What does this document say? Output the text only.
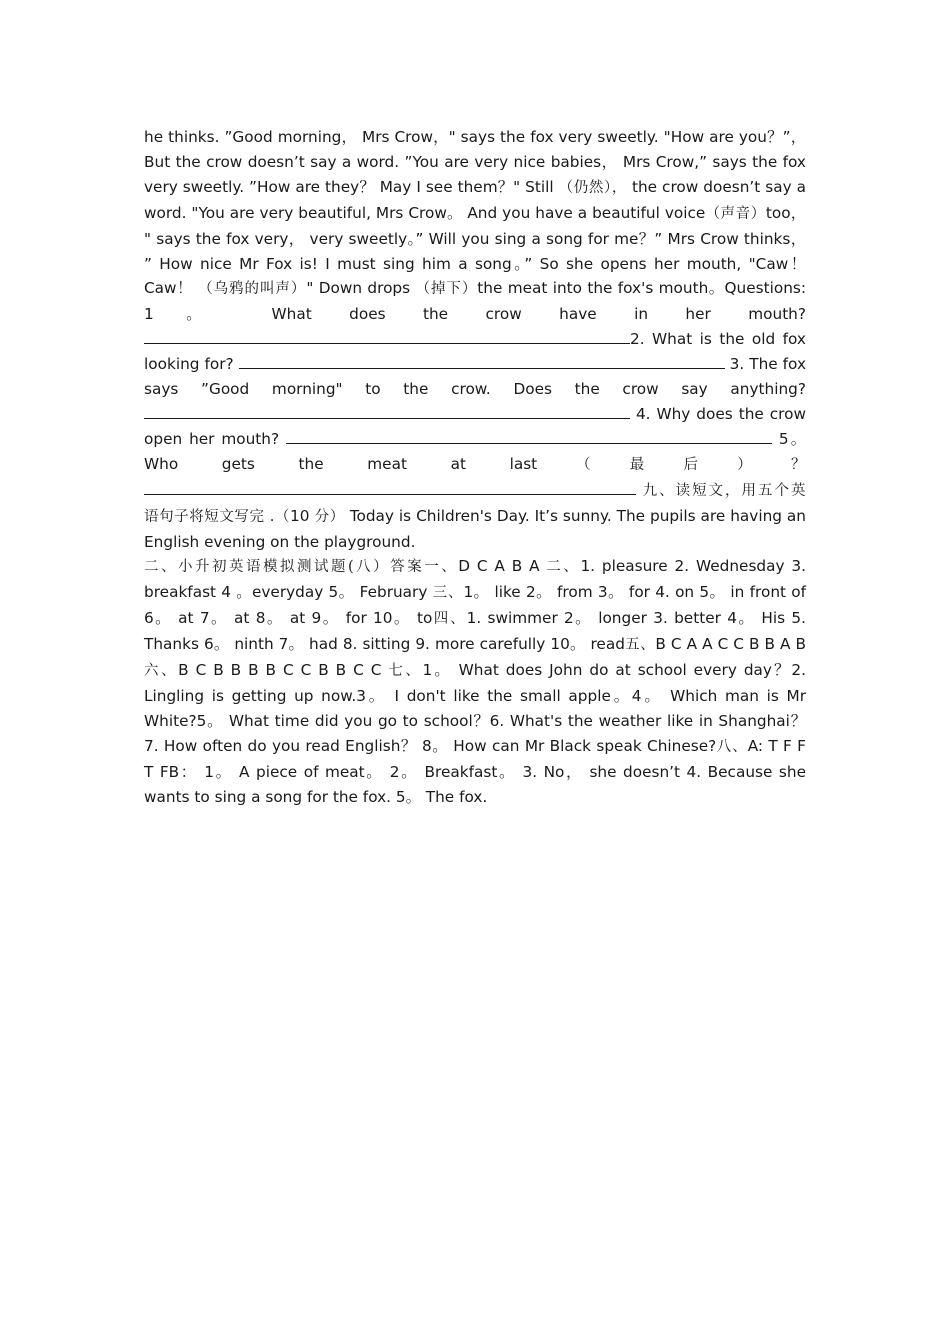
he thinks. ”Good morning， Mrs Crow，" says the fox very sweetly. "How are you？”， But the crow doesn’t say a word. ”You are very nice babies， Mrs Crow,” says the fox very sweetly. ”How are they？ May I see them？" Still （仍然）， the crow doesn’t say a word. "You are very beautiful, Mrs Crow。 And you have a beautiful voice（声音）too， " says the fox very， very sweetly。” Will you sing a song for me？” Mrs Crow thinks， ” How nice Mr Fox is! I must sing him a song。” So she opens her mouth, "Caw！ Caw！ （乌鸦的叫声）" Down drops （掉下）the meat into the fox's mouth。Questions: 1。 What does the crow have in her mouth? 2. What is the old fox looking for?	3. The fox says ”Good morning" to the crow. Does the crow say anything?  4. Why does the crow open her mouth?	5。 Who gets the meat at last（最后）？  九、读短文，用五个英语句子将短文写完 .（10 分） Today is Children's Day. It’s sunny. The pupils are having an English evening on the playground.

二、小升初英语模拟测试题(八）答案一、D C A B A 二、1. pleasure 2. Wednesday 3. breakfast 4 。everyday 5。 February 三、1。 like 2。 from 3。 for 4. on 5。 in front of 6。 at 7。 at 8。 at 9。 for 10。 to四、1. swimmer 2。 longer 3. better 4。 His 5. Thanks 6。 ninth 7。 had 8. sitting 9. more carefully 10。 read五、B C A A C C B B A B 六、B C B B B B C C B B C C 七、1。 What does John do at school every day？2. Lingling is getting up now.3。 I don't like the small apple。4。 Which man is Mr White?5。 What time did you go to school？6. What's the weather like in Shanghai？ 7. How often do you read English？ 8。 How can Mr Black speak Chinese?八、A: T F F T FB： 1。 A piece of meat。 2。 Breakfast。 3. No， she doesn’t 4. Because she wants to sing a song for the fox. 5。 The fox.
